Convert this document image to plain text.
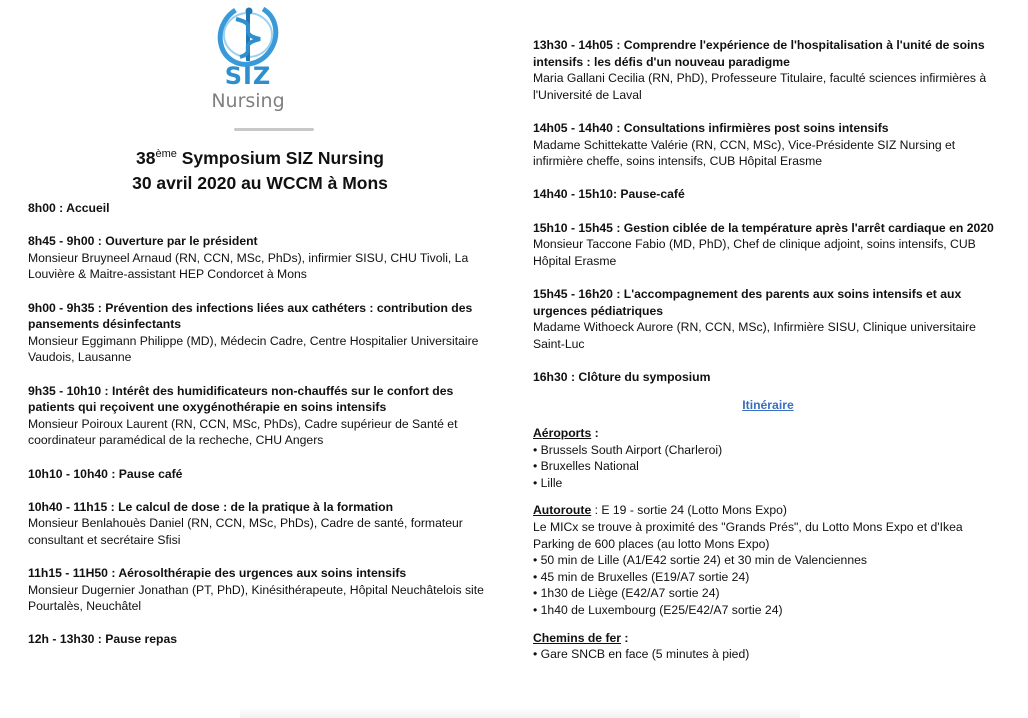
SIZ
Nursing
38ème Symposium SIZ Nursing
30 avril 2020 au WCCM à Mons
8h00 : Accueil
8h45 - 9h00 : Ouverture par le président
Monsieur Bruyneel Arnaud (RN, CCN, MSc, PhDs), infirmier SISU, CHU Tivoli, La Louvière & Maitre-assistant HEP Condorcet à Mons
9h00 - 9h35 : Prévention des infections liées aux cathéters : contribution des pansements désinfectants
Monsieur Eggimann Philippe (MD), Médecin Cadre, Centre Hospitalier Universitaire Vaudois, Lausanne
9h35 - 10h10 : Intérêt des humidificateurs non-chauffés sur le confort des patients qui reçoivent une oxygénothérapie en soins intensifs
Monsieur Poiroux Laurent (RN, CCN, MSc, PhDs), Cadre supérieur de Santé et coordinateur paramédical de la recheche, CHU Angers
10h10 - 10h40 : Pause café
10h40 - 11h15 : Le calcul de dose : de la pratique à la formation
Monsieur Benlahouès Daniel (RN, CCN, MSc, PhDs), Cadre de santé, formateur consultant et secrétaire Sfisi
11h15 - 11H50 : Aérosolthérapie des urgences aux soins intensifs
Monsieur Dugernier Jonathan (PT, PhD), Kinésithérapeute, Hôpital Neuchâtelois site Pourtalès, Neuchâtel
12h - 13h30 : Pause repas
13h30 - 14h05 : Comprendre l'expérience de l'hospitalisation à l'unité de soins intensifs : les défis d'un nouveau paradigme
Maria Gallani Cecilia (RN, PhD), Professeure Titulaire, faculté sciences infirmières à l'Université de Laval
14h05 - 14h40 : Consultations infirmières post soins intensifs
Madame Schittekatte Valérie (RN, CCN, MSc), Vice-Présidente SIZ Nursing et infirmière cheffe, soins intensifs, CUB Hôpital Erasme
14h40 - 15h10: Pause-café
15h10 - 15h45 : Gestion ciblée de la température après l'arrêt cardiaque en 2020
Monsieur Taccone Fabio (MD, PhD), Chef de clinique adjoint, soins intensifs, CUB Hôpital Erasme
15h45 - 16h20 : L'accompagnement des parents aux soins intensifs et aux urgences pédiatriques
Madame Withoeck Aurore (RN, CCN, MSc), Infirmière SISU, Clinique universitaire Saint-Luc
16h30 : Clôture du symposium
Itinéraire
Aéroports :
• Brussels South Airport (Charleroi)
• Bruxelles National
• Lille
Autoroute : E 19 - sortie 24 (Lotto Mons Expo)
Le MICx se trouve à proximité des "Grands Prés", du Lotto Mons Expo et d'Ikea
Parking de 600 places (au lotto Mons Expo)
• 50 min de Lille (A1/E42 sortie 24) et 30 min de Valenciennes
• 45 min de Bruxelles (E19/A7 sortie 24)
• 1h30 de Liège (E42/A7 sortie 24)
• 1h40 de Luxembourg (E25/E42/A7 sortie 24)
Chemins de fer :
• Gare SNCB en face (5 minutes à pied)
